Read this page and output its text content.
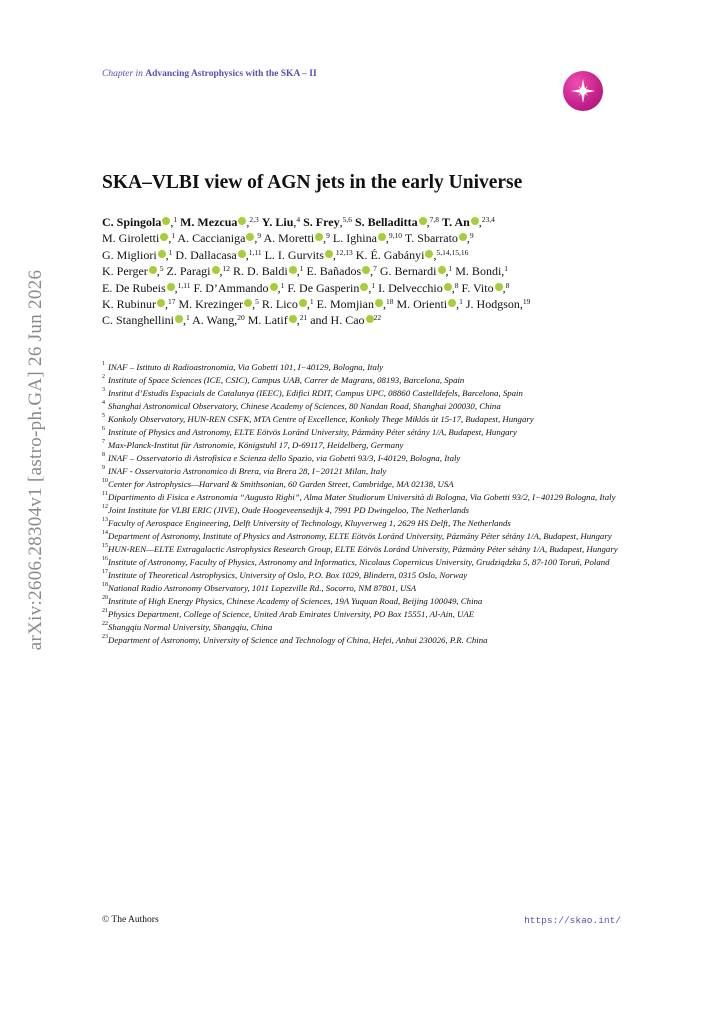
arXiv:2606.28304v1 [astro-ph.GA] 26 Jun 2026
Chapter in Advancing Astrophysics with the SKA – II
SKA–VLBI view of AGN jets in the early Universe
C. Spingola ,$^1$ M. Mezcua ,$^{2,3}$ Y. Liu,$^4$ S. Frey,$^{5,6}$ S. Belladitta ,$^{7,8}$ T. An ,$^{23,4}$
M. Giroletti ,$^1$ A. Caccianiga ,$^9$ A. Moretti ,$^9$ L. Ighina ,$^{9,10}$ T. Sbarrato ,$^9$
G. Migliori ,$^1$ D. Dallacasa ,$^{1,11}$ L. I. Gurvits ,$^{12,13}$ K. É. Gabányi ,$^{5,14,15,16}$
K. Perger ,$^5$ Z. Paragi ,$^{12}$ R. D. Baldi ,$^1$ E. Bañados ,$^7$ G. Bernardi ,$^1$ M. Bondi,$^1$
E. De Rubeis ,$^{1,11}$ F. D’Ammando ,$^1$ F. De Gasperin ,$^1$ I. Delvecchio ,$^8$ F. Vito ,$^8$
K. Rubinur ,$^{17}$ M. Krezinger ,$^5$ R. Lico ,$^1$ E. Momjian ,$^{18}$ M. Orienti ,$^1$ J. Hodgson,$^{19}$
C. Stanghellini ,$^1$ A. Wang,$^{20}$ M. Latif ,$^{21}$ and H. Cao $^{22}$
1 INAF – Istituto di Radioastronomia, Via Gobetti 101, I−40129, Bologna, Italy
2 Institute of Space Sciences (ICE, CSIC), Campus UAB, Carrer de Magrans, 08193, Barcelona, Spain
3 Institut d’Estudis Espacials de Catalunya (IEEC), Edifici RDIT, Campus UPC, 08860 Castelldefels, Barcelona, Spain
4 Shanghai Astronomical Observatory, Chinese Academy of Sciences, 80 Nandan Road, Shanghai 200030, China
5 Konkoly Observatory, HUN-REN CSFK, MTA Centre of Excellence, Konkoly Thege Miklós út 15-17, Budapest, Hungary
6 Institute of Physics and Astronomy, ELTE Eötvös Loránd University, Pázmány Péter sétány 1/A, Budapest, Hungary
7 Max-Planck-Institut für Astronomie, Königstuhl 17, D-69117, Heidelberg, Germany
8 INAF – Osservatorio di Astrofisica e Scienza dello Spazio, via Gobetti 93/3, I-40129, Bologna, Italy
9 INAF - Osservatorio Astronomico di Brera, via Brera 28, I−20121 Milan, Italy
10 Center for Astrophysics—Harvard & Smithsonian, 60 Garden Street, Cambridge, MA 02138, USA
11 Dipartimento di Fisica e Astronomia “Augusto Righi”, Alma Mater Studiorum Università di Bologna, Via Gobetti 93/2, I−40129 Bologna, Italy
12 Joint Institute for VLBI ERIC (JIVE), Oude Hoogeveensedijk 4, 7991 PD Dwingeloo, The Netherlands
13 Faculty of Aerospace Engineering, Delft University of Technology, Kluyverweg 1, 2629 HS Delft, The Netherlands
14 Department of Astronomy, Institute of Physics and Astronomy, ELTE Eötvös Loránd University, Pázmány Péter sétány 1/A, Budapest, Hungary
15 HUN-REN—ELTE Extragalactic Astrophysics Research Group, ELTE Eötvös Loránd University, Pázmány Péter sétány 1/A, Budapest, Hungary
16 Institute of Astronomy, Faculty of Physics, Astronomy and Informatics, Nicolaus Copernicus University, Grudziądzka 5, 87-100 Toruń, Poland
17 Institute of Theoretical Astrophysics, University of Oslo, P.O. Box 1029, Blindern, 0315 Oslo, Norway
18 National Radio Astronomy Observatory, 1011 Lopezville Rd., Socorro, NM 87801, USA
20 Institute of High Energy Physics, Chinese Academy of Sciences, 19A Yuquan Road, Beijing 100049, China
21 Physics Department, College of Science, United Arab Emirates University, PO Box 15551, Al-Ain, UAE
22 Shangqiu Normal University, Shangqiu, China
23 Department of Astronomy, University of Science and Technology of China, Hefei, Anhui 230026, P.R. China
© The Authors	https://skao.int/
